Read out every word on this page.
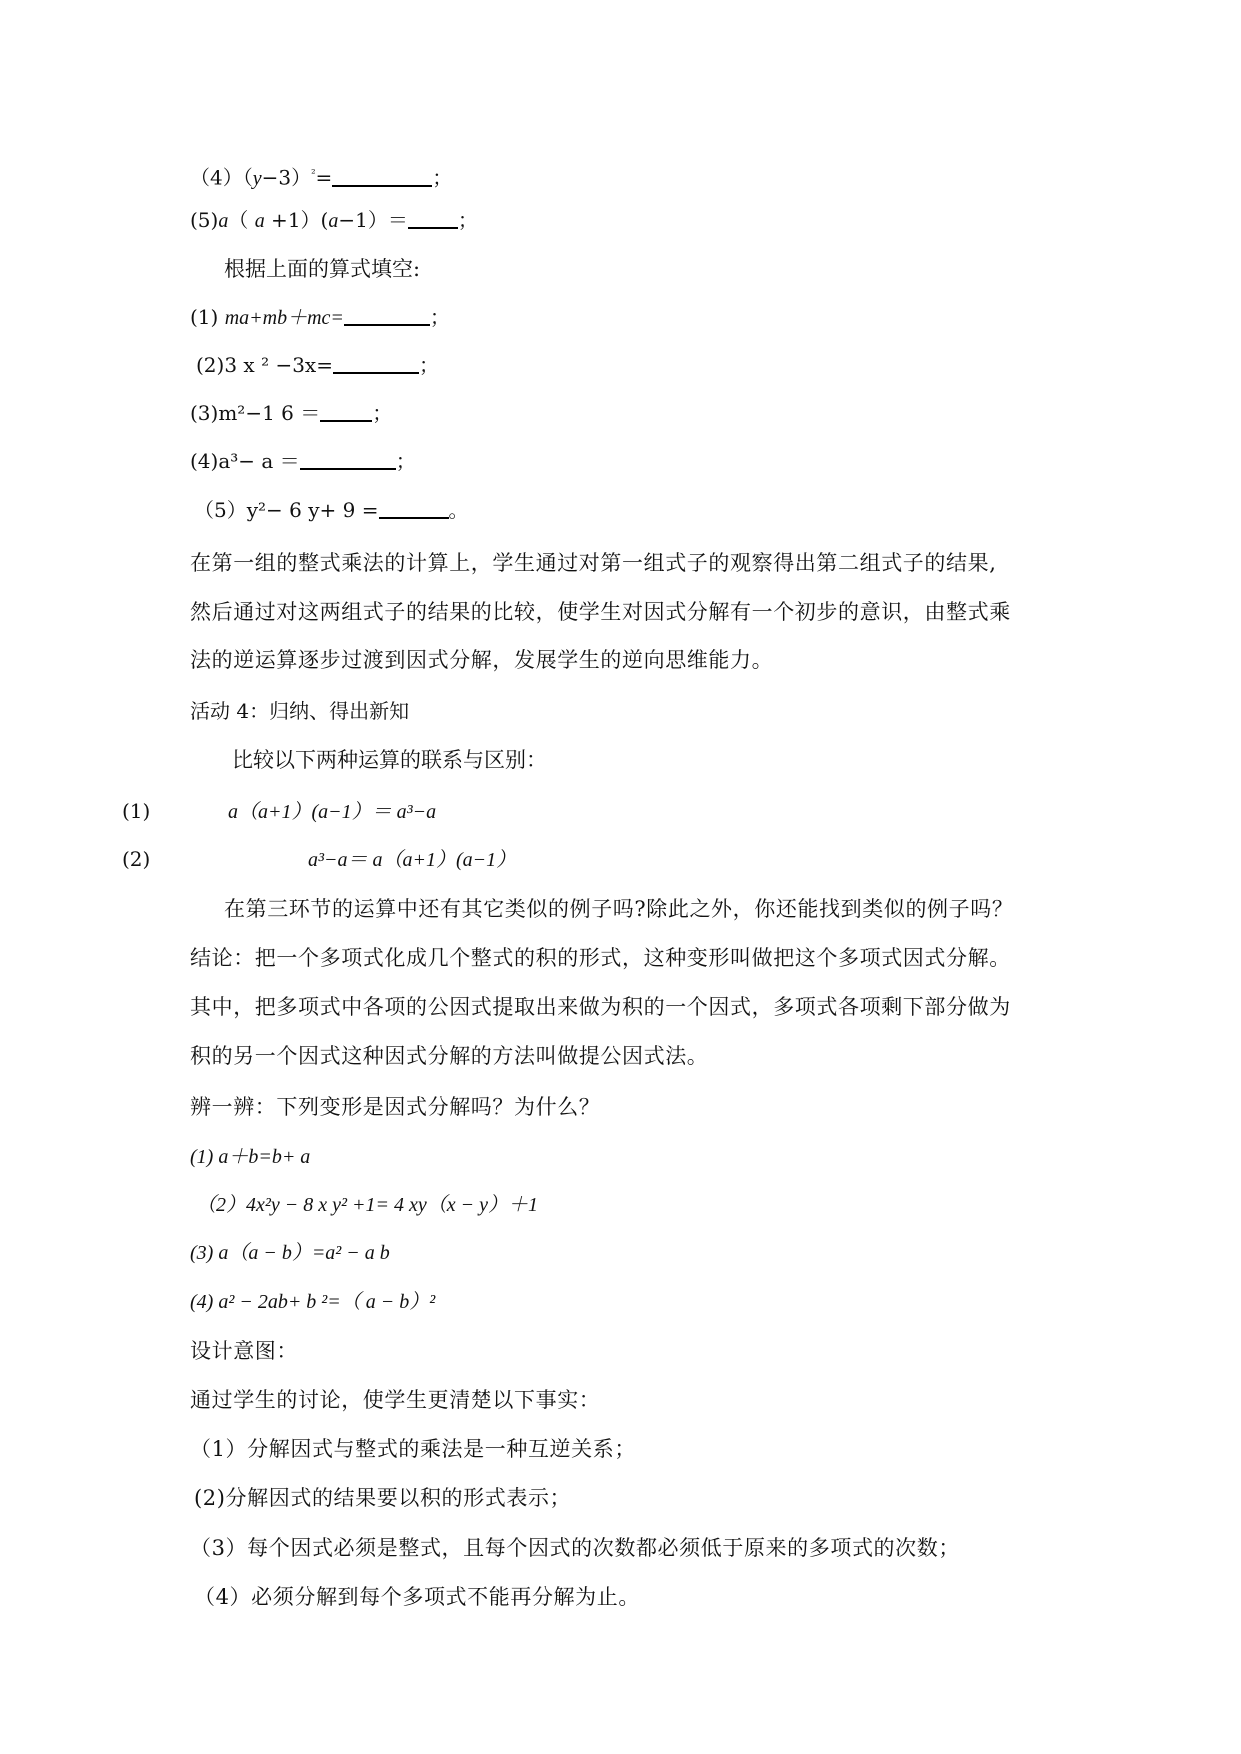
$(4)(y-3)^{^2}=$	；
(5)a（ a +1）(a−1）＝	；
根据上面的算式填空:
(1) ma+mb＋mc=	；
(2)3 x ² −3x=	；
(3)m²−1 6 ＝	；
(4)a³− a ＝	；
（5）y²− 6 y+ 9 =	。
在第一组的整式乘法的计算上，学生通过对第一组式子的观察得出第二组式子的结果,
然后通过对这两组式子的结果的比较，使学生对因式分解有一个初步的意识，由整式乘
法的逆运算逐步过渡到因式分解，发展学生的逆向思维能力。
活动 4：归纳、得出新知
比较以下两种运算的联系与区别：
(1)	a（a+1）(a−1）＝ a³−a
(2)	a³−a＝ a（a+1）(a−1）
在第三环节的运算中还有其它类似的例子吗?除此之外，你还能找到类似的例子吗？
结论：把一个多项式化成几个整式的积的形式，这种变形叫做把这个多项式因式分解。
其中，把多项式中各项的公因式提取出来做为积的一个因式，多项式各项剩下部分做为
积的另一个因式这种因式分解的方法叫做提公因式法。
辨一辨：下列变形是因式分解吗？为什么？
(1) a＋b=b+ a
（2）4x²y − 8 x y² +1= 4 xy（x − y）＋1
(3) a（a − b）=a² − a b
(4) a² − 2ab+ b ²=（ a − b）²
设计意图：
通过学生的讨论，使学生更清楚以下事实：
（1）分解因式与整式的乘法是一种互逆关系；
(2)分解因式的结果要以积的形式表示；
（3）每个因式必须是整式，且每个因式的次数都必须低于原来的多项式的次数；
（4）必须分解到每个多项式不能再分解为止。
